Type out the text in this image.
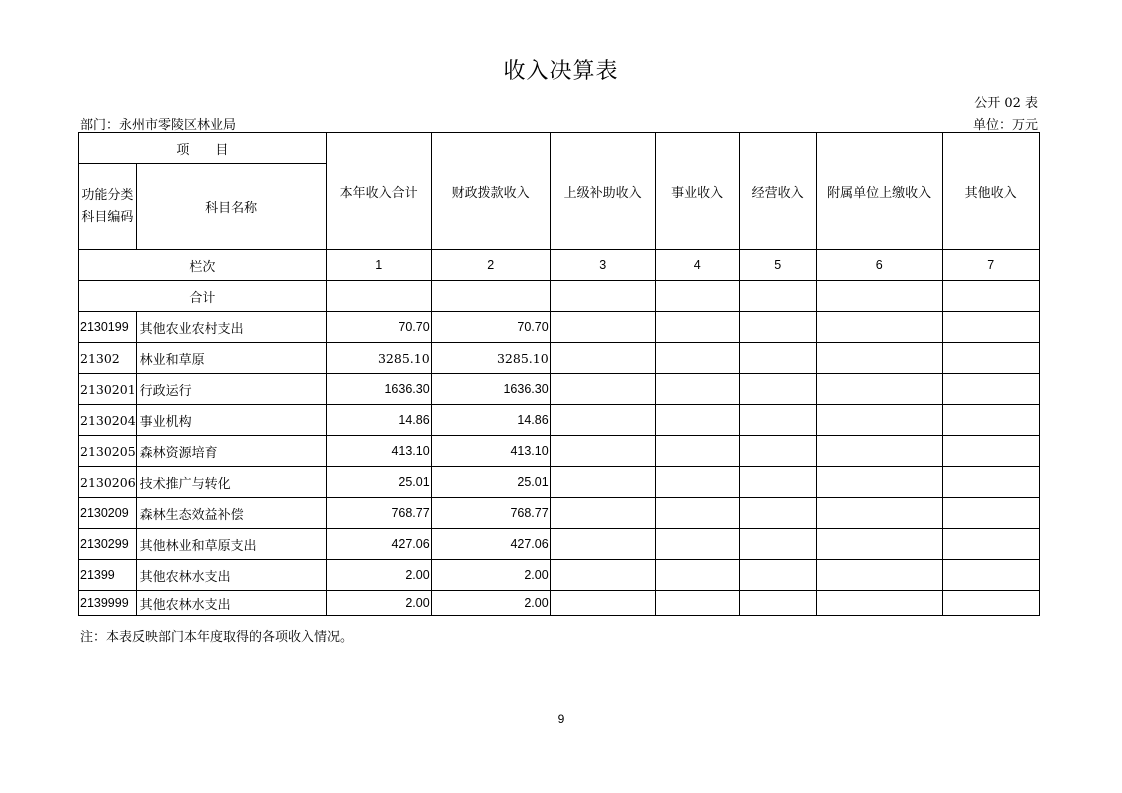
收入决算表
公开 02 表
部门：永州市零陵区林业局	单位：万元
项　　目		本年收入合计	财政拨款收入	上级补助收入	事业收入	经营收入	附属单位上缴收入	其他收入
功能分类科目编码	科目名称							
栏次		1	2	3	4	5	6	7
合计								
2130199	其他农业农村支出	70.70	70.70					
21302	林业和草原	3285.10	3285.10					
2130201	行政运行	1636.30	1636.30					
2130204	事业机构	14.86	14.86					
2130205	森林资源培育	413.10	413.10					
2130206	技术推广与转化	25.01	25.01					
2130209	森林生态效益补偿	768.77	768.77					
2130299	其他林业和草原支出	427.06	427.06					
21399	其他农林水支出	2.00	2.00					
2139999	其他农林水支出	2.00	2.00					
注：本表反映部门本年度取得的各项收入情况。
9
